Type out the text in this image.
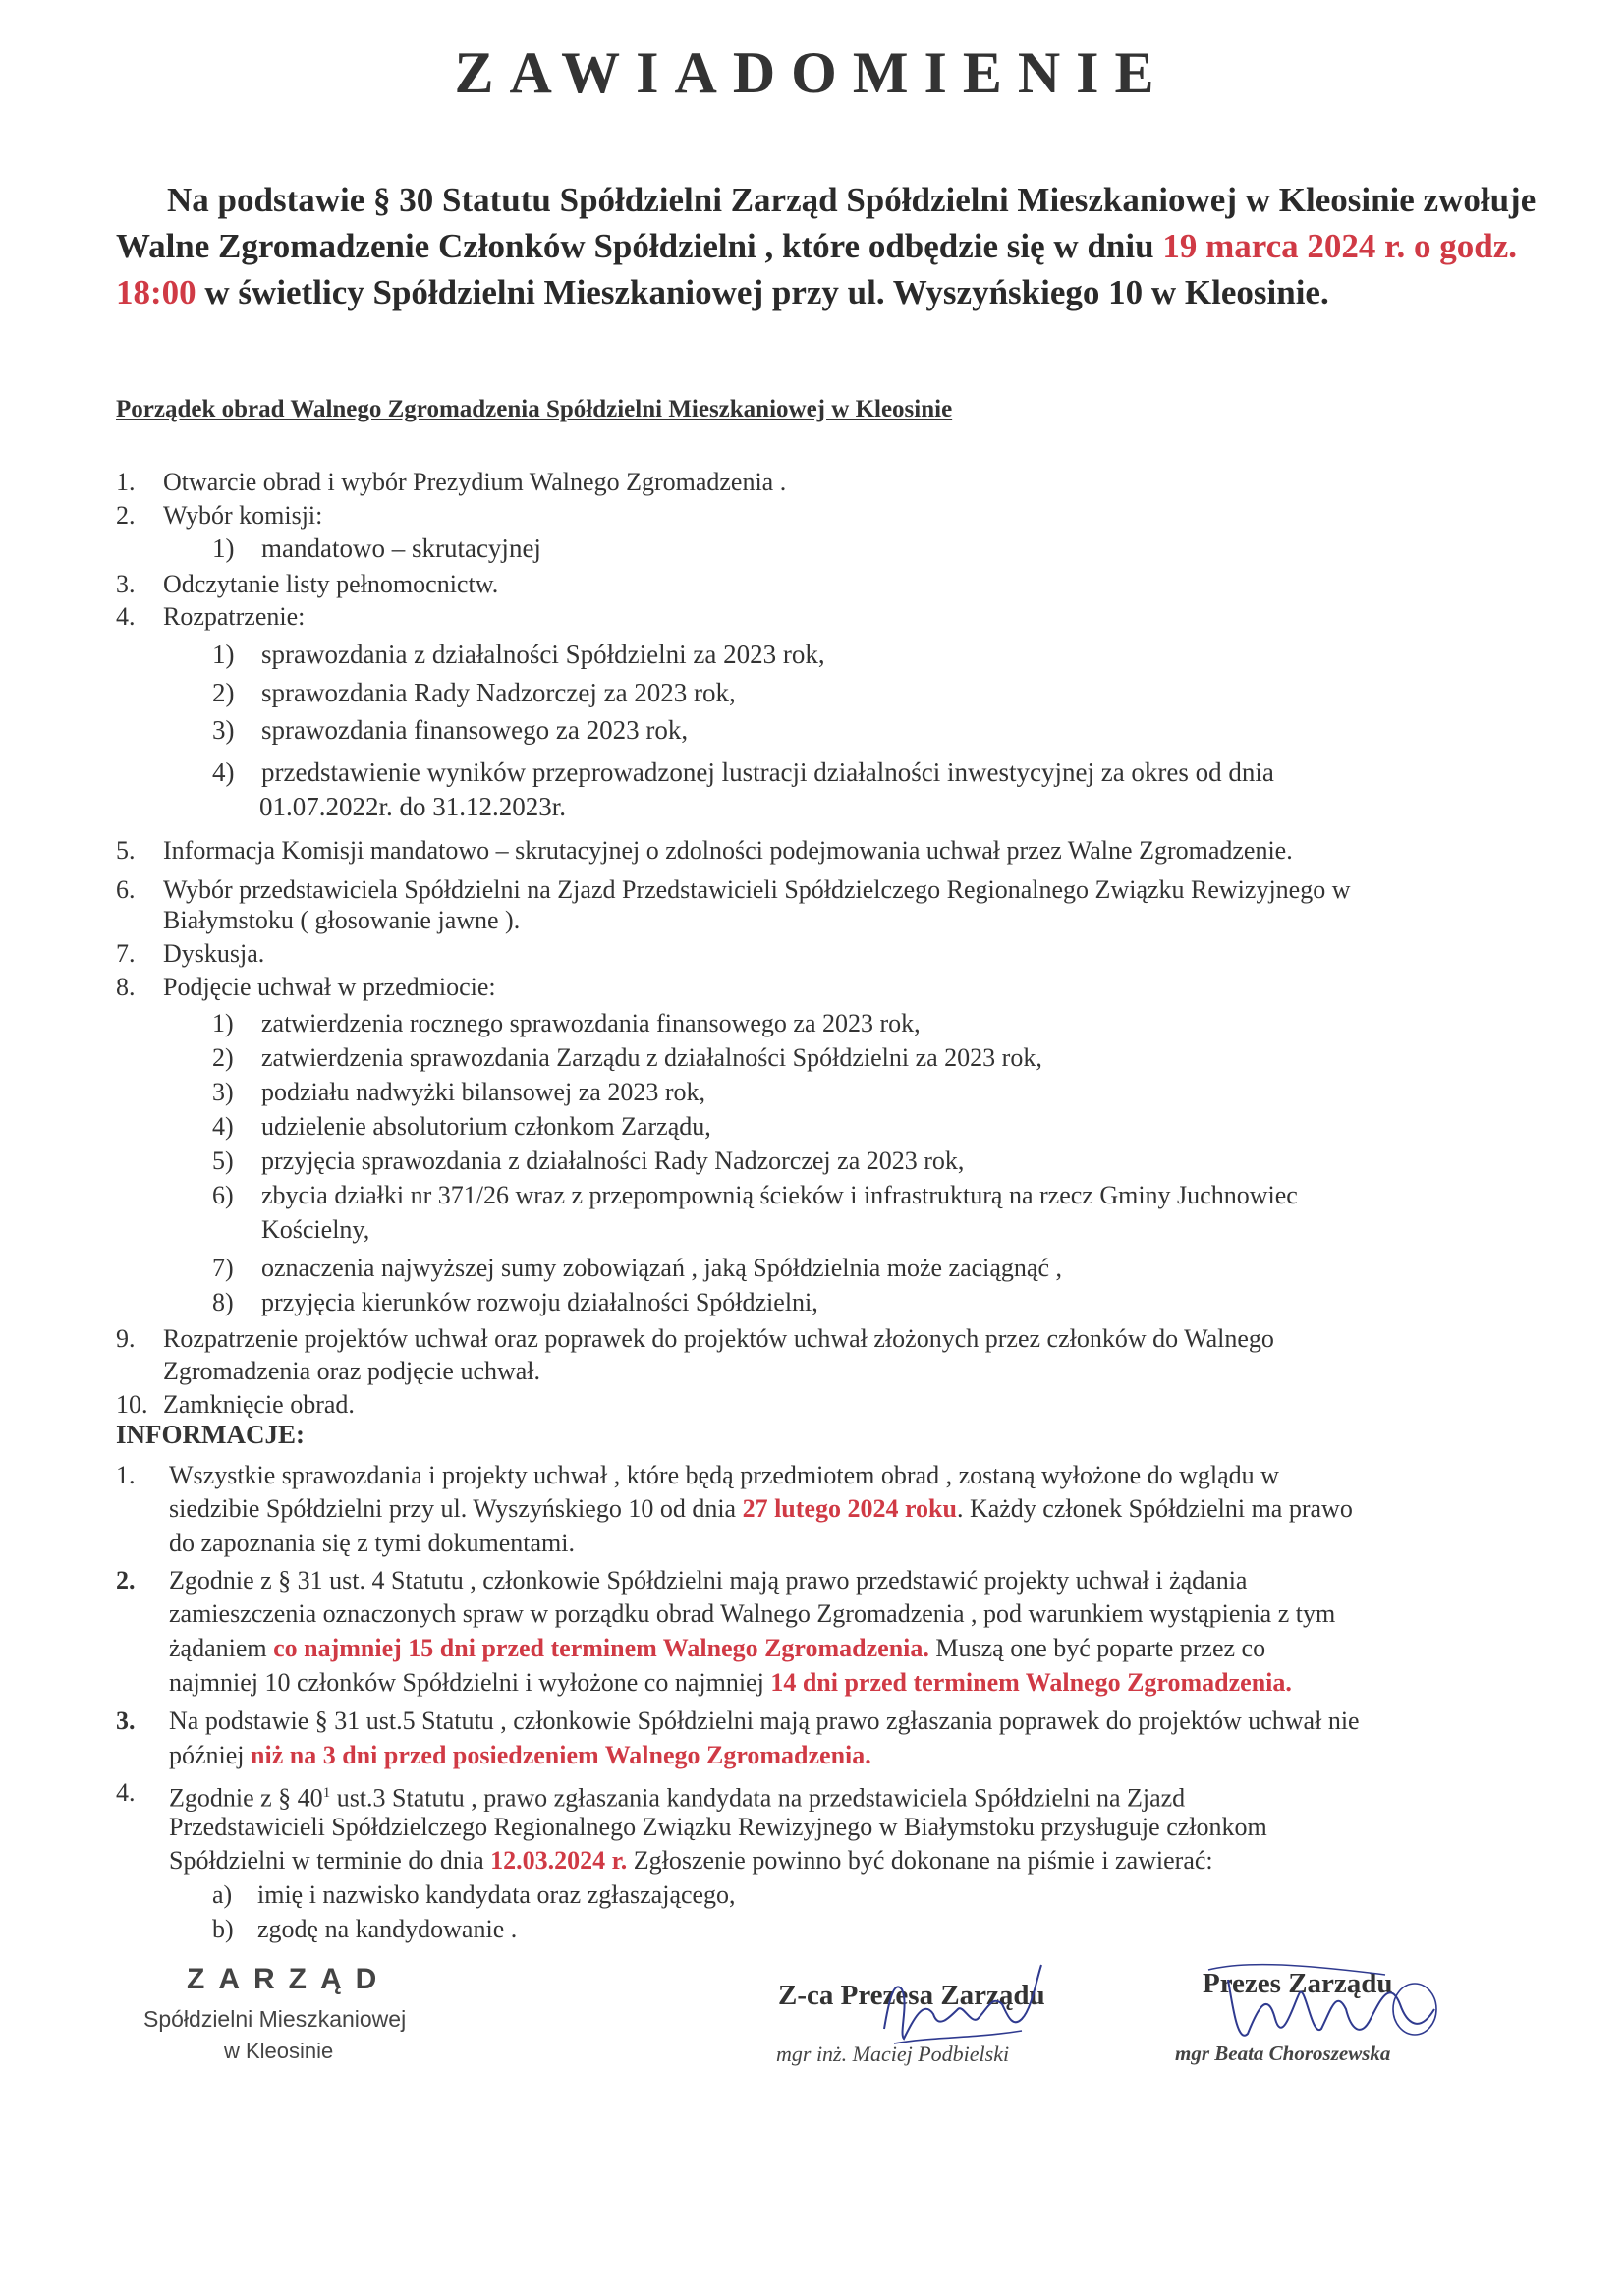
ZAWIADOMIENIE
Na podstawie § 30 Statutu Spółdzielni Zarząd Spółdzielni Mieszkaniowej w Kleosinie zwołuje Walne Zgromadzenie Członków Spółdzielni , które odbędzie się w dniu 19 marca 2024 r. o godz. 18:00 w świetlicy Spółdzielni Mieszkaniowej przy ul. Wyszyńskiego 10 w Kleosinie.
Porządek obrad Walnego Zgromadzenia Spółdzielni Mieszkaniowej w Kleosinie
1. Otwarcie obrad i wybór Prezydium Walnego Zgromadzenia .
2. Wybór komisji:
1) mandatowo – skrutacyjnej
3. Odczytanie listy pełnomocnictw.
4. Rozpatrzenie:
1) sprawozdania z działalności Spółdzielni za 2023 rok,
2) sprawozdania Rady Nadzorczej za 2023 rok,
3) sprawozdania finansowego za 2023 rok,
4) przedstawienie wyników przeprowadzonej lustracji działalności inwestycyjnej za okres od dnia
01.07.2022r. do 31.12.2023r.
5. Informacja Komisji mandatowo – skrutacyjnej o zdolności podejmowania uchwał przez Walne Zgromadzenie.
6. Wybór przedstawiciela Spółdzielni na Zjazd Przedstawicieli Spółdzielczego Regionalnego Związku Rewizyjnego w
Białymstoku ( głosowanie jawne ).
7. Dyskusja.
8. Podjęcie uchwał w przedmiocie:
1) zatwierdzenia rocznego sprawozdania finansowego za 2023 rok,
2) zatwierdzenia sprawozdania Zarządu z działalności Spółdzielni za 2023 rok,
3) podziału nadwyżki bilansowej za 2023 rok,
4) udzielenie absolutorium członkom Zarządu,
5) przyjęcia sprawozdania z działalności Rady Nadzorczej za 2023 rok,
6) zbycia działki nr 371/26 wraz z przepompownią ścieków i infrastrukturą na rzecz Gminy Juchnowiec
Kościelny,
7) oznaczenia najwyższej sumy zobowiązań , jaką Spółdzielnia może zaciągnąć ,
8) przyjęcia kierunków rozwoju działalności Spółdzielni,
9. Rozpatrzenie projektów uchwał oraz poprawek do projektów uchwał złożonych przez członków do Walnego
Zgromadzenia oraz podjęcie uchwał.
10. Zamknięcie obrad.
INFORMACJE:
1. Wszystkie sprawozdania i projekty uchwał , które będą przedmiotem obrad , zostaną wyłożone do wglądu w
siedzibie Spółdzielni przy ul. Wyszyńskiego 10 od dnia 27 lutego 2024 roku. Każdy członek Spółdzielni ma prawo
do zapoznania się z tymi dokumentami.
2. Zgodnie z § 31 ust. 4 Statutu , członkowie Spółdzielni mają prawo przedstawić projekty uchwał i żądania
zamieszczenia oznaczonych spraw w porządku obrad Walnego Zgromadzenia , pod warunkiem wystąpienia z tym
żądaniem co najmniej 15 dni przed terminem Walnego Zgromadzenia. Muszą one być poparte przez co
najmniej 10 członków Spółdzielni i wyłożone co najmniej 14 dni przed terminem Walnego Zgromadzenia.
3. Na podstawie § 31 ust.5 Statutu , członkowie Spółdzielni mają prawo zgłaszania poprawek do projektów uchwał nie
później niż na 3 dni przed posiedzeniem Walnego Zgromadzenia.
4. Zgodnie z § $40^1$ ust.3 Statutu , prawo zgłaszania kandydata na przedstawiciela Spółdzielni na Zjazd
Przedstawicieli Spółdzielczego Regionalnego Związku Rewizyjnego w Białymstoku przysługuje członkom
Spółdzielni w terminie do dnia 12.03.2024 r. Zgłoszenie powinno być dokonane na piśmie i zawierać:
a) imię i nazwisko kandydata oraz zgłaszającego,
b) zgodę na kandydowanie .
ZARZĄD
Spółdzielni Mieszkaniowej
w Kleosinie
Z-ca Prezesa Zarządu
mgr inż. Maciej Podbielski
Prezes Zarządu
mgr Beata Choroszewska
